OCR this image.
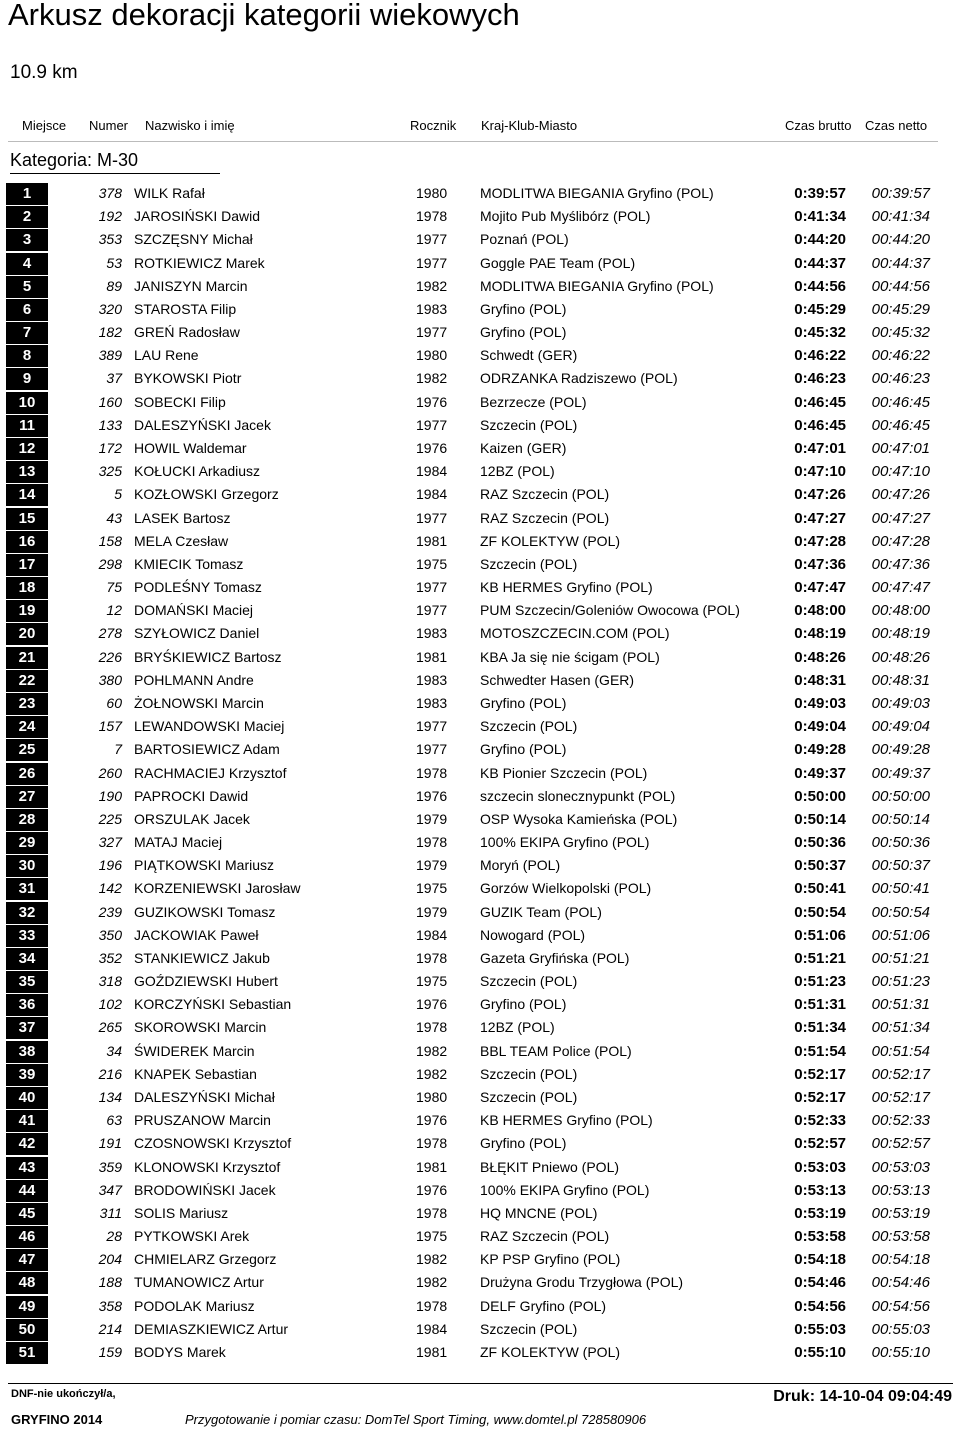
Arkusz dekoracji kategorii wiekowych
10.9 km
Miejsce Numer Nazwisko i imię	Rocznik Kraj-Klub-Miasto	Czas brutto Czas netto
Kategoria: M-30
1	378 WILK Rafał	1980 MODLITWA BIEGANIA Gryfino (POL)	0:39:57	00:39:57
2	192 JAROSIŃSKI Dawid	1978 Mojito Pub Myślibórz (POL)	0:41:34	00:41:34
3	353 SZCZĘSNY Michał	1977 Poznań (POL)	0:44:20	00:44:20
4	53 ROTKIEWICZ Marek	1977 Goggle PAE Team (POL)	0:44:37	00:44:37
5	89 JANISZYN Marcin	1982 MODLITWA BIEGANIA Gryfino (POL)	0:44:56	00:44:56
6	320 STAROSTA Filip	1983 Gryfino (POL)	0:45:29	00:45:29
7	182 GREŃ Radosław	1977 Gryfino (POL)	0:45:32	00:45:32
8	389 LAU Rene	1980 Schwedt (GER)	0:46:22	00:46:22
9	37 BYKOWSKI Piotr	1982 ODRZANKA Radziszewo (POL)	0:46:23	00:46:23
10	160 SOBECKI Filip	1976 Bezrzecze (POL)	0:46:45	00:46:45
11	133 DALESZYŃSKI Jacek	1977 Szczecin (POL)	0:46:45	00:46:45
12	172 HOWIL Waldemar	1976 Kaizen (GER)	0:47:01	00:47:01
13	325 KOŁUCKI Arkadiusz	1984 12BZ (POL)	0:47:10	00:47:10
14	5 KOZŁOWSKI Grzegorz	1984 RAZ Szczecin (POL)	0:47:26	00:47:26
15	43 LASEK Bartosz	1977 RAZ Szczecin (POL)	0:47:27	00:47:27
16	158 MELA Czesław	1981 ZF KOLEKTYW (POL)	0:47:28	00:47:28
17	298 KMIECIK Tomasz	1975 Szczecin (POL)	0:47:36	00:47:36
18	75 PODLEŚNY Tomasz	1977 KB HERMES Gryfino (POL)	0:47:47	00:47:47
19	12 DOMAŃSKI Maciej	1977 PUM Szczecin/Goleniów Owocowa (POL)	0:48:00	00:48:00
20	278 SZYŁOWICZ Daniel	1983 MOTOSZCZECIN.COM (POL)	0:48:19	00:48:19
21	226 BRYŚKIEWICZ Bartosz	1981 KBA Ja się nie ścigam (POL)	0:48:26	00:48:26
22	380 POHLMANN Andre	1983 Schwedter Hasen (GER)	0:48:31	00:48:31
23	60 ŻOŁNOWSKI Marcin	1983 Gryfino (POL)	0:49:03	00:49:03
24	157 LEWANDOWSKI Maciej	1977 Szczecin (POL)	0:49:04	00:49:04
25	7 BARTOSIEWICZ Adam	1977 Gryfino (POL)	0:49:28	00:49:28
26	260 RACHMACIEJ Krzysztof	1978 KB Pionier Szczecin (POL)	0:49:37	00:49:37
27	190 PAPROCKI Dawid	1976 szczecin slonecznypunkt (POL)	0:50:00	00:50:00
28	225 ORSZULAK Jacek	1979 OSP Wysoka Kamieńska (POL)	0:50:14	00:50:14
29	327 MATAJ Maciej	1978 100% EKIPA Gryfino (POL)	0:50:36	00:50:36
30	196 PIĄTKOWSKI Mariusz	1979 Moryń (POL)	0:50:37	00:50:37
31	142 KORZENIEWSKI Jarosław	1975 Gorzów Wielkopolski (POL)	0:50:41	00:50:41
32	239 GUZIKOWSKI Tomasz	1979 GUZIK Team (POL)	0:50:54	00:50:54
33	350 JACKOWIAK Paweł	1984 Nowogard (POL)	0:51:06	00:51:06
34	352 STANKIEWICZ Jakub	1978 Gazeta Gryfińska (POL)	0:51:21	00:51:21
35	318 GOŹDZIEWSKI Hubert	1975 Szczecin (POL)	0:51:23	00:51:23
36	102 KORCZYŃSKI Sebastian	1976 Gryfino (POL)	0:51:31	00:51:31
37	265 SKOROWSKI Marcin	1978 12BZ (POL)	0:51:34	00:51:34
38	34 ŚWIDEREK Marcin	1982 BBL TEAM Police (POL)	0:51:54	00:51:54
39	216 KNAPEK Sebastian	1982 Szczecin (POL)	0:52:17	00:52:17
40	134 DALESZYŃSKI Michał	1980 Szczecin (POL)	0:52:17	00:52:17
41	63 PRUSZANOW Marcin	1976 KB HERMES Gryfino (POL)	0:52:33	00:52:33
42	191 CZOSNOWSKI Krzysztof	1978 Gryfino (POL)	0:52:57	00:52:57
43	359 KLONOWSKI Krzysztof	1981 BŁĘKIT Pniewo (POL)	0:53:03	00:53:03
44	347 BRODOWIŃSKI Jacek	1976 100% EKIPA Gryfino (POL)	0:53:13	00:53:13
45	311 SOLIS Mariusz	1978 HQ MNCNE (POL)	0:53:19	00:53:19
46	28 PYTKOWSKI Arek	1975 RAZ Szczecin (POL)	0:53:58	00:53:58
47	204 CHMIELARZ Grzegorz	1982 KP PSP Gryfino (POL)	0:54:18	00:54:18
48	188 TUMANOWICZ Artur	1982 Drużyna Grodu Trzygłowa (POL)	0:54:46	00:54:46
49	358 PODOLAK Mariusz	1978 DELF Gryfino (POL)	0:54:56	00:54:56
50	214 DEMIASZKIEWICZ Artur	1984 Szczecin (POL)	0:55:03	00:55:03
51	159 BODYS Marek	1981 ZF KOLEKTYW (POL)	0:55:10	00:55:10
DNF-nie ukończył/a,	Druk: 14-10-04 09:04:49
GRYFINO 2014	Przygotowanie i pomiar czasu: DomTel Sport Timing, www.domtel.pl 728580906
